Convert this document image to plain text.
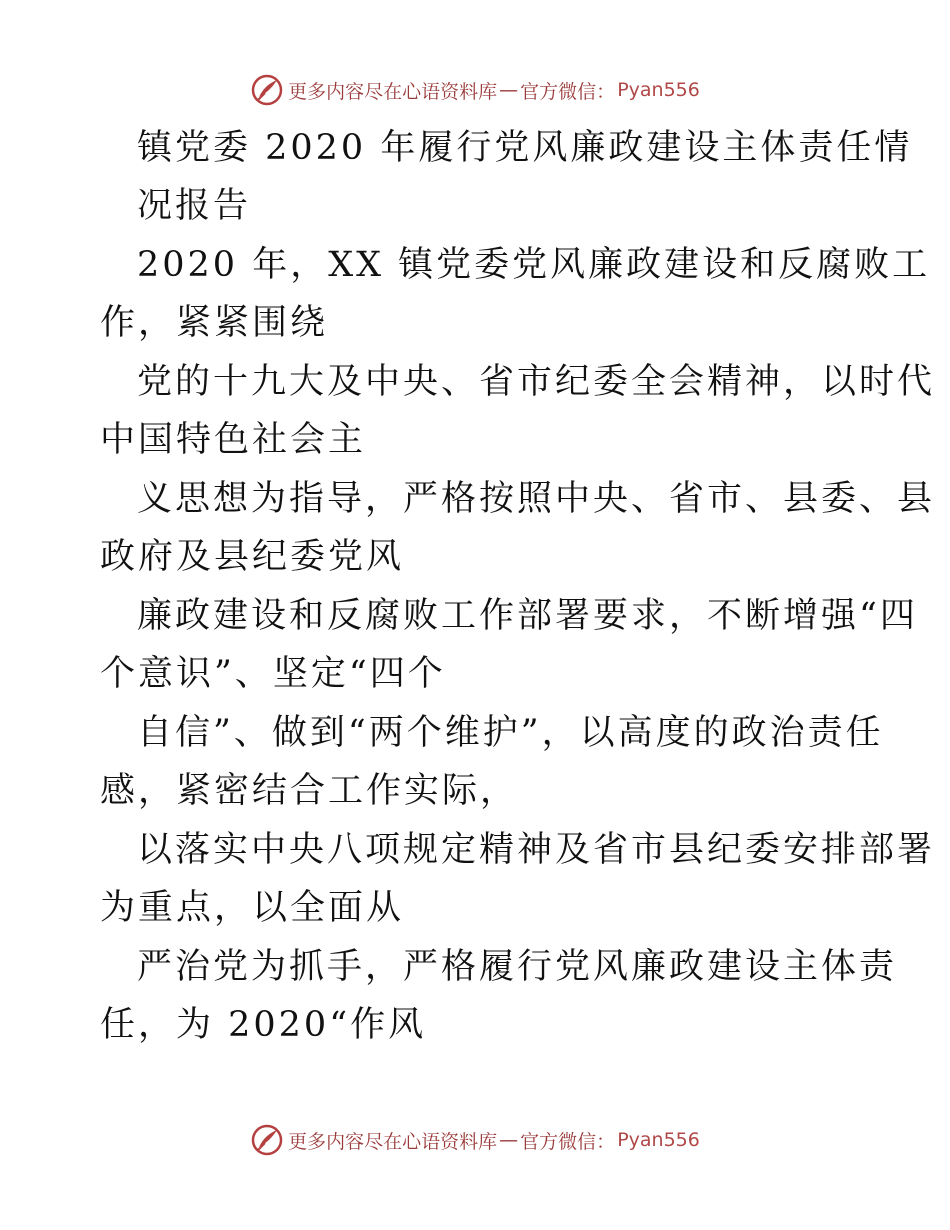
更多内容尽在心语资料库 — 官方微信： Pyan556
镇党委 2020 年履行党风廉政建设主体责任情
况报告
2020 年，XX 镇党委党风廉政建设和反腐败工
作，紧紧围绕
党的十九大及中央、省市纪委全会精神，以时代
中国特色社会主
义思想为指导，严格按照中央、省市、县委、县
政府及县纪委党风
廉政建设和反腐败工作部署要求，不断增强“四
个意识”、坚定“四个
自信”、做到“两个维护”，以高度的政治责任
感，紧密结合工作实际，
以落实中央八项规定精神及省市县纪委安排部署
为重点，以全面从
严治党为抓手，严格履行党风廉政建设主体责
任，为 2020“作风
更多内容尽在心语资料库 — 官方微信： Pyan556
